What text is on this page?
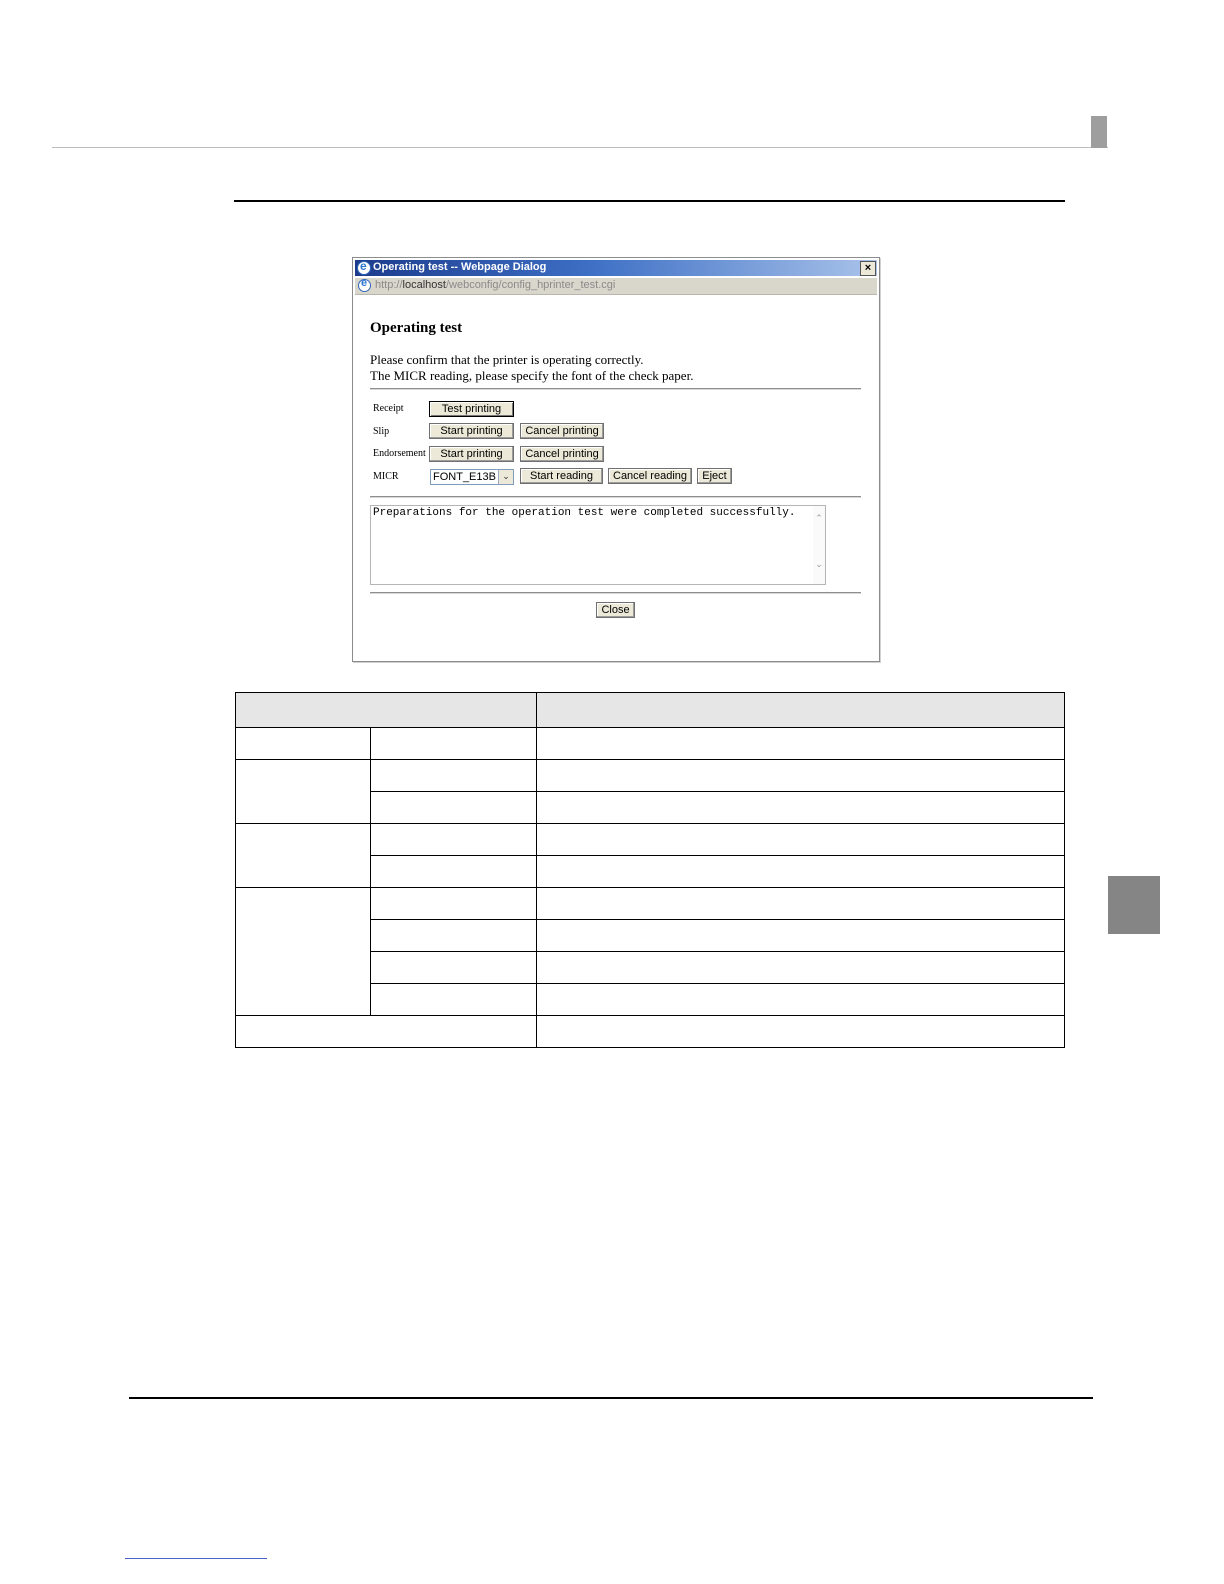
e
Operating test -- Webpage Dialog	×
e
http://localhost/webconfig/config_hprinter_test.cgi
Operating test
Please confirm that the printer is operating correctly.
The MICR reading, please specify the font of the check paper.
Receipt	Test printing
Slip	Start printing	Cancel printing
Endorsement	Start printing	Cancel printing
MICR	FONT_E13B ⌄	Start reading	Cancel reading	Eject
Preparations for the operation test were completed successfully. ⌃
⌄
Close
